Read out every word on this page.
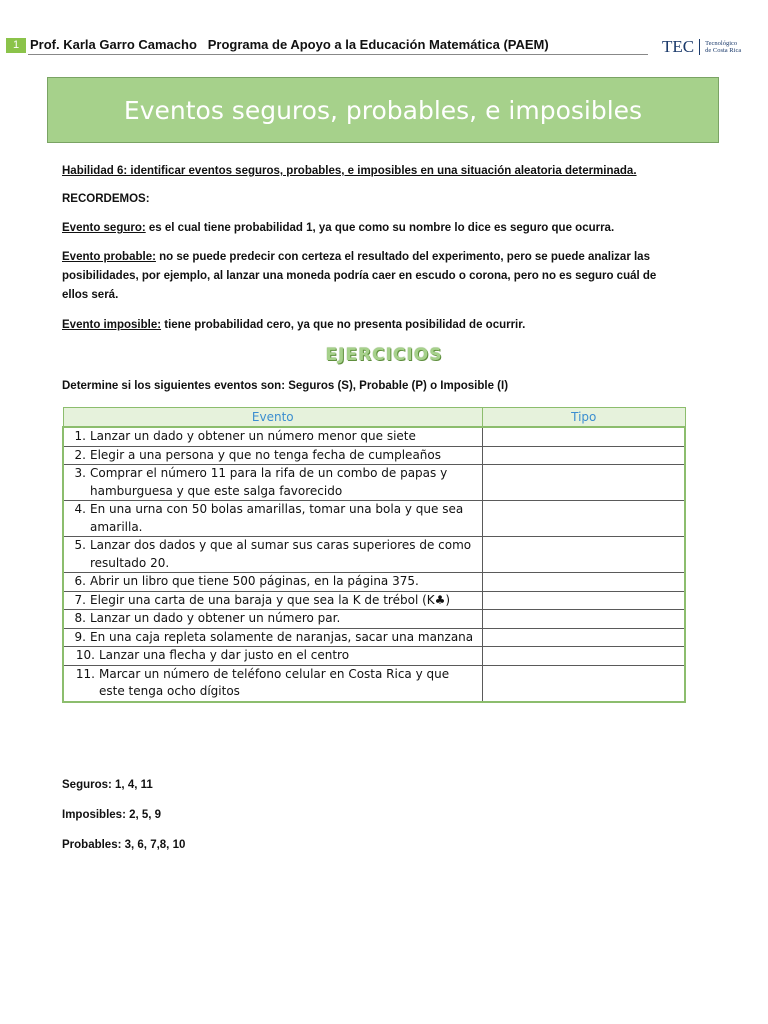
1 Prof. Karla Garro Camacho   Programa de Apoyo a la Educación Matemática (PAEM)	TEC Tecnológico
de Costa Rica
Eventos seguros, probables, e imposibles
Habilidad 6: identificar eventos seguros, probables, e imposibles en una situación aleatoria determinada.
RECORDEMOS:
Evento seguro: es el cual tiene probabilidad 1, ya que como su nombre lo dice es seguro que ocurra.
Evento probable: no se puede predecir con certeza el resultado del experimento, pero se puede analizar las posibilidades, por ejemplo, al lanzar una moneda podría caer en escudo o corona, pero no es seguro cuál de ellos será.
Evento imposible: tiene probabilidad cero, ya que no presenta posibilidad de ocurrir.
EJERCICIOS
Determine si los siguientes eventos son: Seguros (S), Probable (P) o Imposible (I)
Evento	Tipo

1. Lanzar un dado y obtener un número menor que siete	

2. Elegir a una persona y que no tenga fecha de cumpleaños	

3. Comprar el número 11 para la rifa de un combo de papas y hamburguesa y que este salga favorecido	

4. En una urna con 50 bolas amarillas, tomar una bola y que sea amarilla.	

5. Lanzar dos dados y que al sumar sus caras superiores de como resultado 20.	

6. Abrir un libro que tiene 500 páginas, en la página 375.	

7. Elegir una carta de una baraja y que sea la K de trébol (K♣)	

8. Lanzar un dado y obtener un número par.	

9. En una caja repleta solamente de naranjas, sacar una manzana	

10. Lanzar una flecha y dar justo en el centro	

11. Marcar un número de teléfono celular en Costa Rica y que este tenga ocho dígitos	

Seguros: 1, 4, 11
Imposibles: 2, 5, 9
Probables: 3, 6, 7,8, 10
